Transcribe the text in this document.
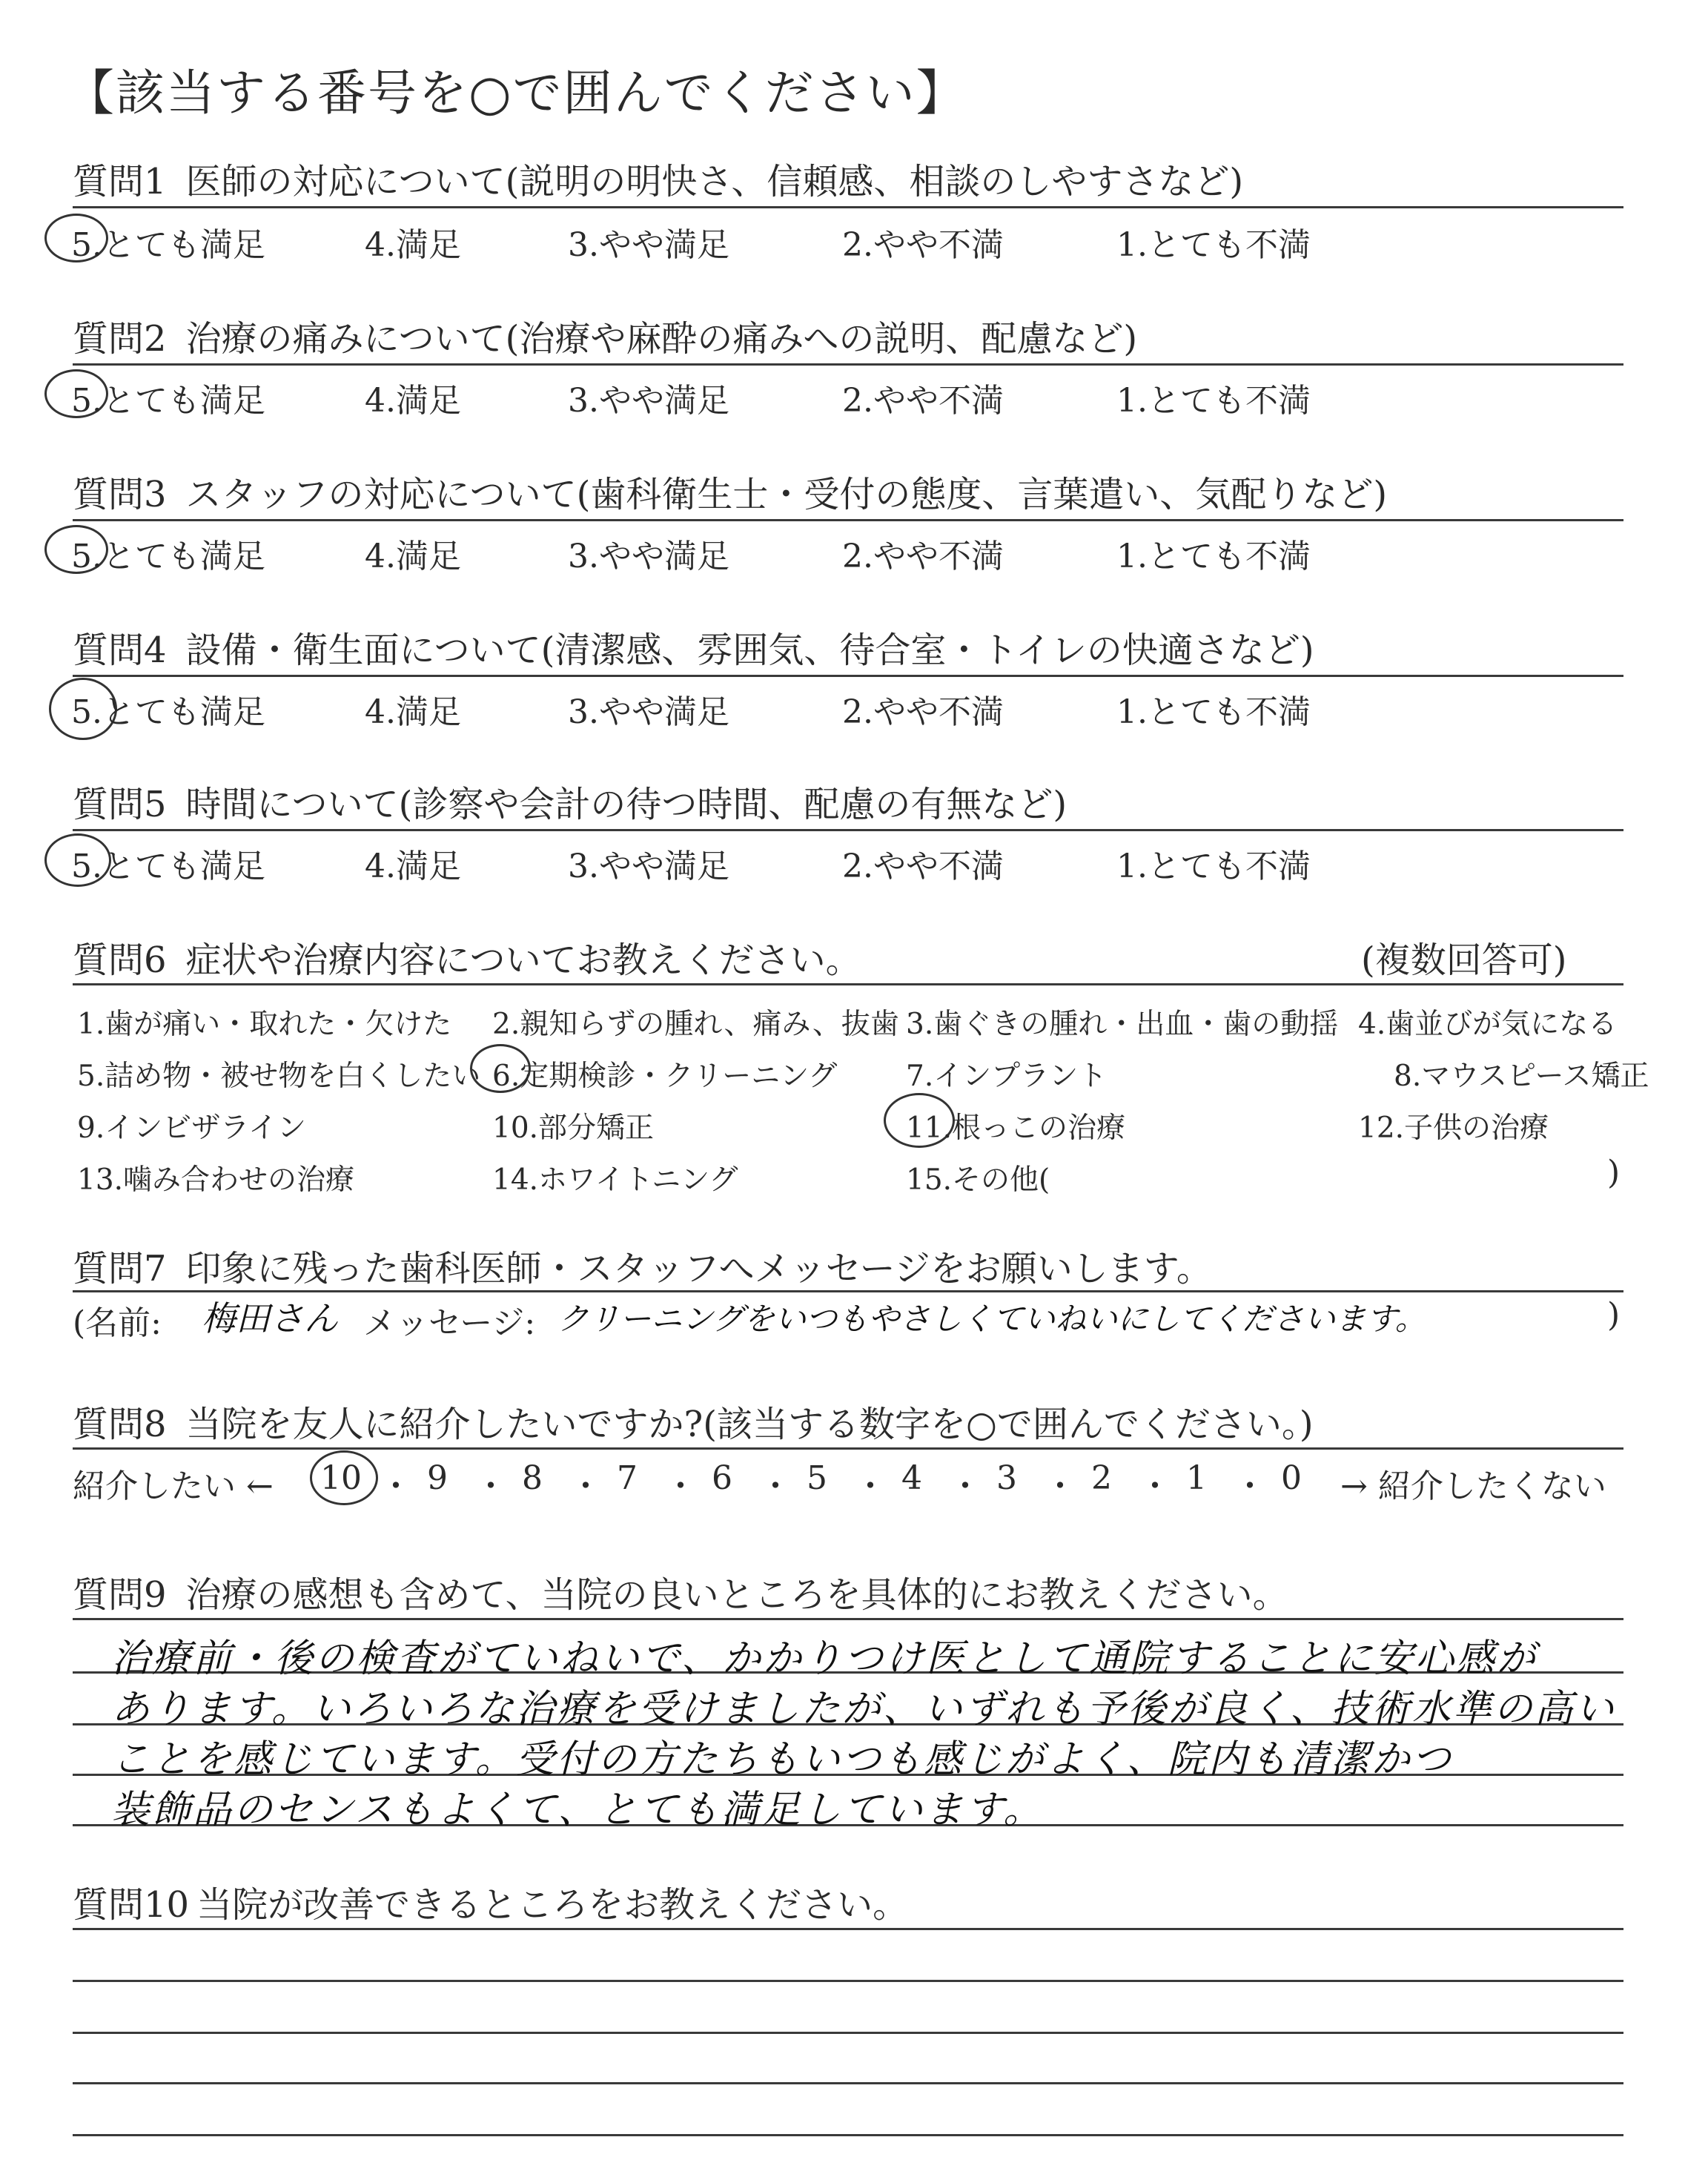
【該当する番号を○で囲んでください】
質問1 医師の対応について(説明の明快さ、信頼感、相談のしやすさなど)
5.とても満足	4.満足	3.やや満足	2.やや不満	1.とても不満
質問2 治療の痛みについて(治療や麻酔の痛みへの説明、配慮など)
5.とても満足	4.満足	3.やや満足	2.やや不満	1.とても不満
質問3 スタッフの対応について(歯科衛生士・受付の態度、言葉遣い、気配りなど)
5.とても満足	4.満足	3.やや満足	2.やや不満	1.とても不満
質問4 設備・衛生面について(清潔感、雰囲気、待合室・トイレの快適さなど)
5.とても満足	4.満足	3.やや満足	2.やや不満	1.とても不満
質問5 時間について(診察や会計の待つ時間、配慮の有無など)
5.とても満足	4.満足	3.やや満足	2.やや不満	1.とても不満
質問6 症状や治療内容についてお教えください。	(複数回答可)
1.歯が痛い・取れた・欠けた 2.親知らずの腫れ、痛み、抜歯 3.歯ぐきの腫れ・出血・歯の動揺 4.歯並びが気になる
5.詰め物・被せ物を白くしたい 6.定期検診・クリーニング 7.インプラント	8.マウスピース矯正
9.インビザライン	10.部分矯正	11.根っこの治療	12.子供の治療
13.噛み合わせの治療	14.ホワイトニング	15.その他(	)
質問7 印象に残った歯科医師・スタッフへメッセージをお願いします。
(名前: 梅田さん メッセージ: クリーニングをいつもやさしくていねいにしてくださいます。	)
質問8 当院を友人に紹介したいですか?(該当する数字を○で囲んでください。)
紹介したい ← 10 ・ 9 ・ 8 ・ 7 ・ 6 ・ 5 ・ 4 ・ 3 ・ 2 ・ 1 ・ 0 → 紹介したくない
質問9 治療の感想も含めて、当院の良いところを具体的にお教えください。
治療前・後の検査がていねいで、かかりつけ医として通院することに安心感が
あります。いろいろな治療を受けましたが、いずれも予後が良く、技術水準の高い
ことを感じています。受付の方たちもいつも感じがよく、院内も清潔かつ
装飾品のセンスもよくて、とても満足しています。
質問10 当院が改善できるところをお教えください。
